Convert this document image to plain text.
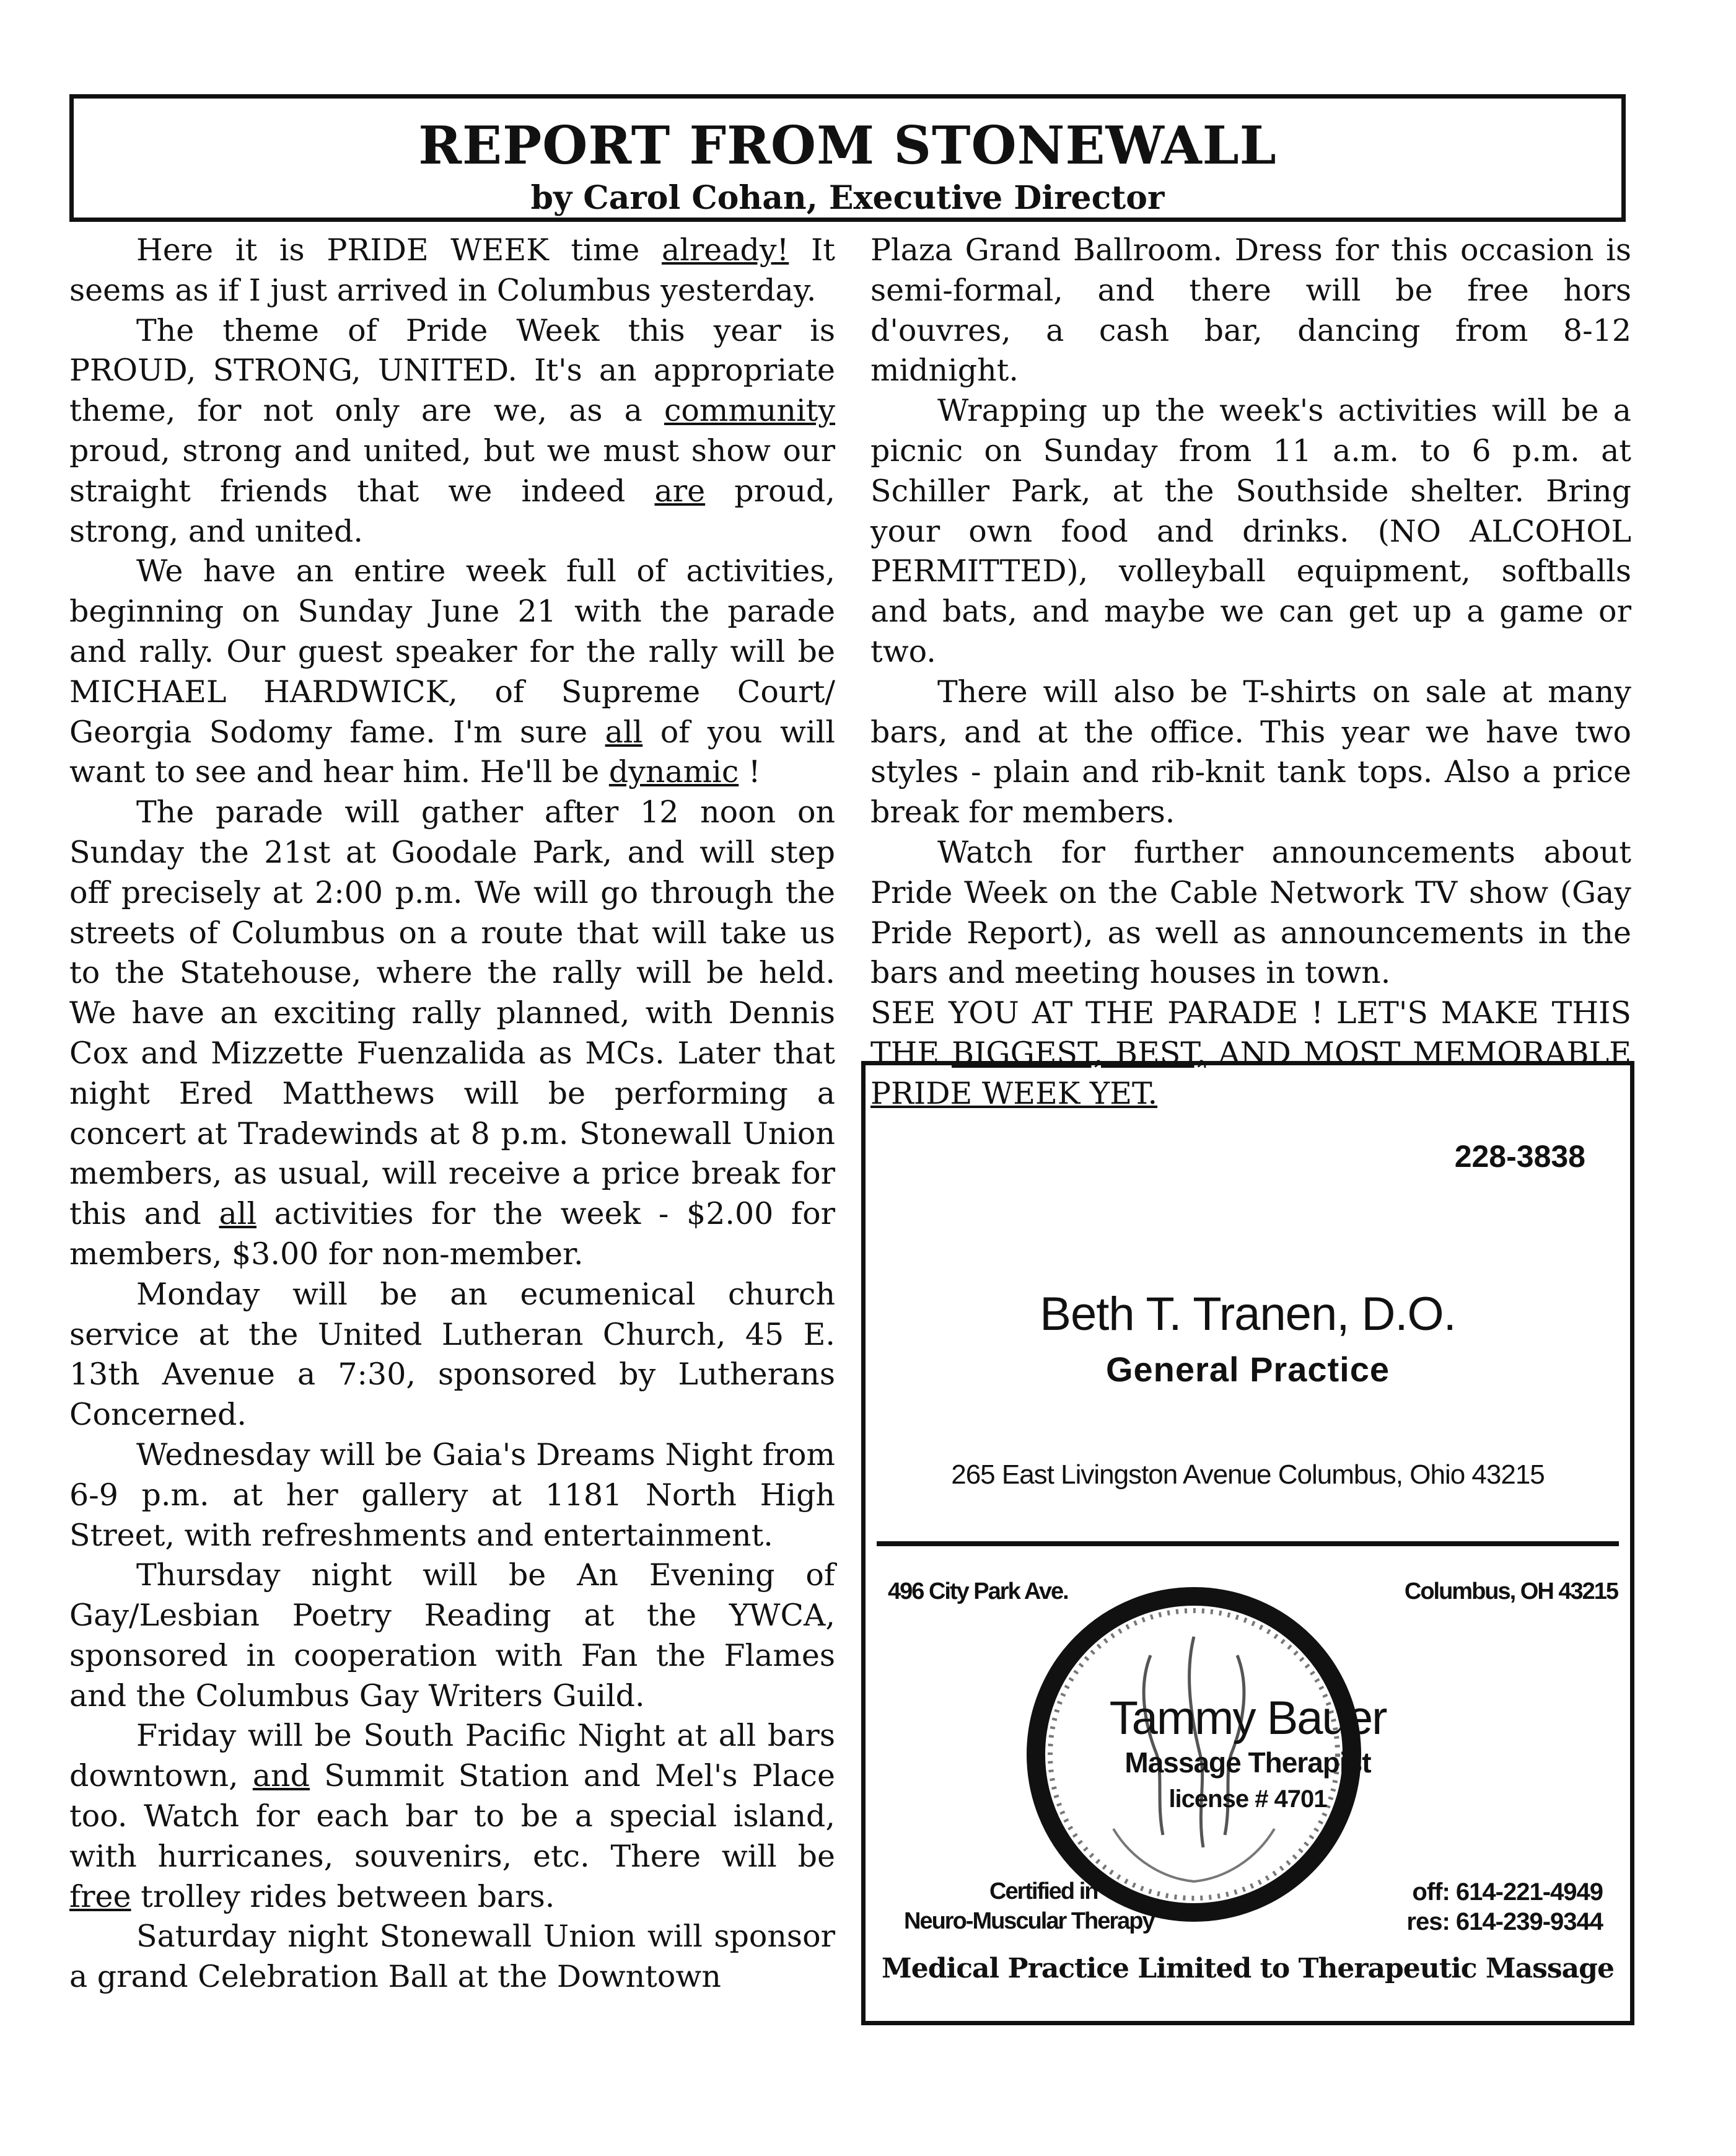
REPORT FROM STONEWALL
by Carol Cohan, Executive Director

Here it is PRIDE WEEK time already! It seems as if I just arrived in Columbus yesterday.

The theme of Pride Week this year is PROUD, STRONG, UNITED. It's an appropriate theme, for not only are we, as a community proud, strong and united, but we must show our straight friends that we indeed are proud, strong, and united.

We have an entire week full of activities, beginning on Sunday June 21 with the parade and rally. Our guest speaker for the rally will be MICHAEL HARDWICK, of Supreme Court/ Georgia Sodomy fame. I'm sure all of you will want to see and hear him. He'll be dynamic !

The parade will gather after 12 noon on Sunday the 21st at Goodale Park, and will step off precisely at 2:00 p.m. We will go through the streets of Columbus on a route that will take us to the Statehouse, where the rally will be held. We have an exciting rally planned, with Dennis Cox and Mizzette Fuenzalida as MCs. Later that night Ered Matthews will be performing a concert at Tradewinds at 8 p.m. Stonewall Union members, as usual, will receive a price break for this and all activities for the week - $2.00 for members, $3.00 for non-member.

Monday will be an ecumenical church service at the United Lutheran Church, 45 E. 13th Avenue a 7:30, sponsored by Lutherans Concerned.

Wednesday will be Gaia's Dreams Night from 6-9 p.m. at her gallery at 1181 North High Street, with refreshments and entertainment.

Thursday night will be An Evening of Gay/Lesbian Poetry Reading at the YWCA, sponsored in cooperation with Fan the Flames and the Columbus Gay Writers Guild.

Friday will be South Pacific Night at all bars downtown, and Summit Station and Mel's Place too. Watch for each bar to be a special island, with hurricanes, souvenirs, etc. There will be free trolley rides between bars.

Saturday night Stonewall Union will sponsor a grand Celebration Ball at the Downtown

Plaza Grand Ballroom. Dress for this occasion is semi-formal, and there will be free hors d'ouvres, a cash bar, dancing from 8-12 midnight.

Wrapping up the week's activities will be a picnic on Sunday from 11 a.m. to 6 p.m. at Schiller Park, at the Southside shelter. Bring your own food and drinks. (NO ALCOHOL PERMITTED), volleyball equipment, softballs and bats, and maybe we can get up a game or two.

There will also be T-shirts on sale at many bars, and at the office. This year we have two styles - plain and rib-knit tank tops. Also a price break for members.

Watch for further announcements about Pride Week on the Cable Network TV show (Gay Pride Report), as well as announcements in the bars and meeting houses in town.

SEE YOU AT THE PARADE ! LET'S MAKE THIS THE BIGGEST, BEST, AND MOST MEMORABLE PRIDE WEEK YET.

228-3838
Beth T. Tranen, D.O.
General Practice
265 East Livingston Avenue Columbus, Ohio 43215
496 City Park Ave.	Columbus, OH 43215
Tammy Bauer
Massage Therapist
license # 4701
Certified in
Neuro-Muscular Therapy
off: 614-221-4949
res: 614-239-9344
Medical Practice Limited to Therapeutic Massage
